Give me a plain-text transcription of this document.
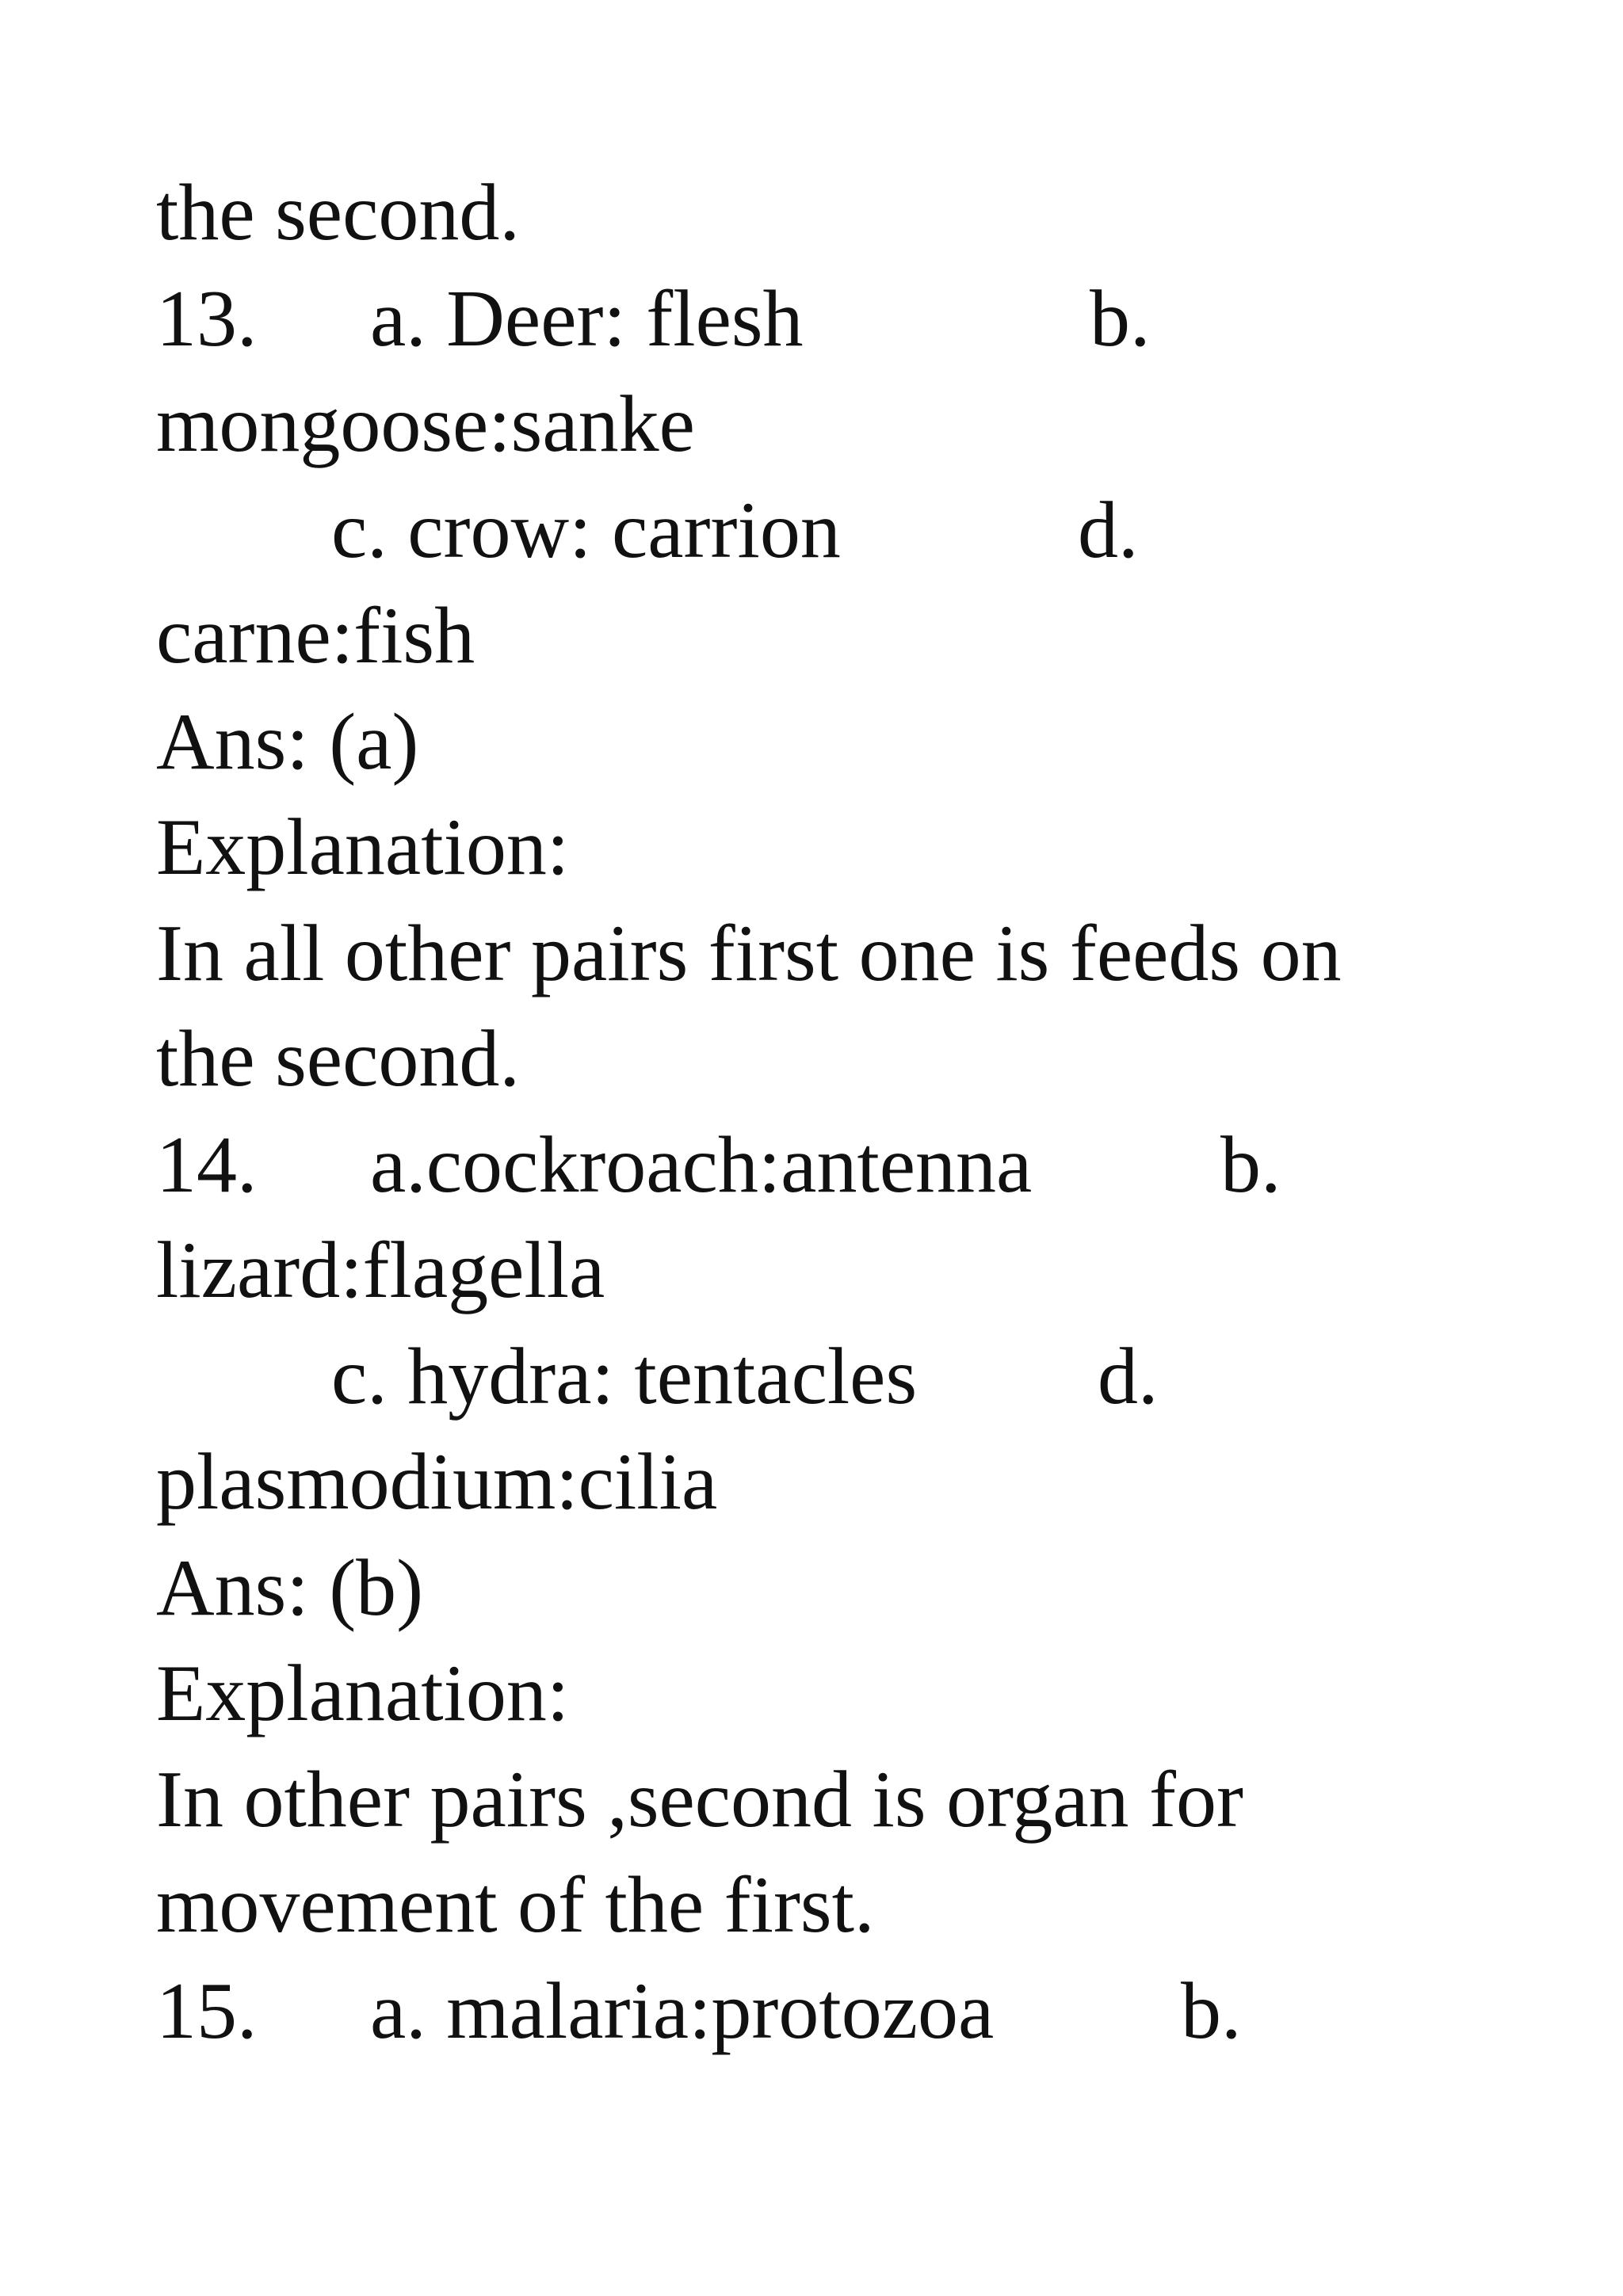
the second.

13. a. Deer: flesh	b.

mongoose:sanke

c. crow: carrion	d.

carne:fish

Ans: (a)

Explanation:

In all other pairs first one is feeds on

the second.

14. a.cockroach:antenna b.

lizard:flagella

c. hydra: tentacles d.

plasmodium:cilia

Ans: (b)

Explanation:

In other pairs ,second is organ for

movement of the first.

15. a. malaria:protozoa b.
